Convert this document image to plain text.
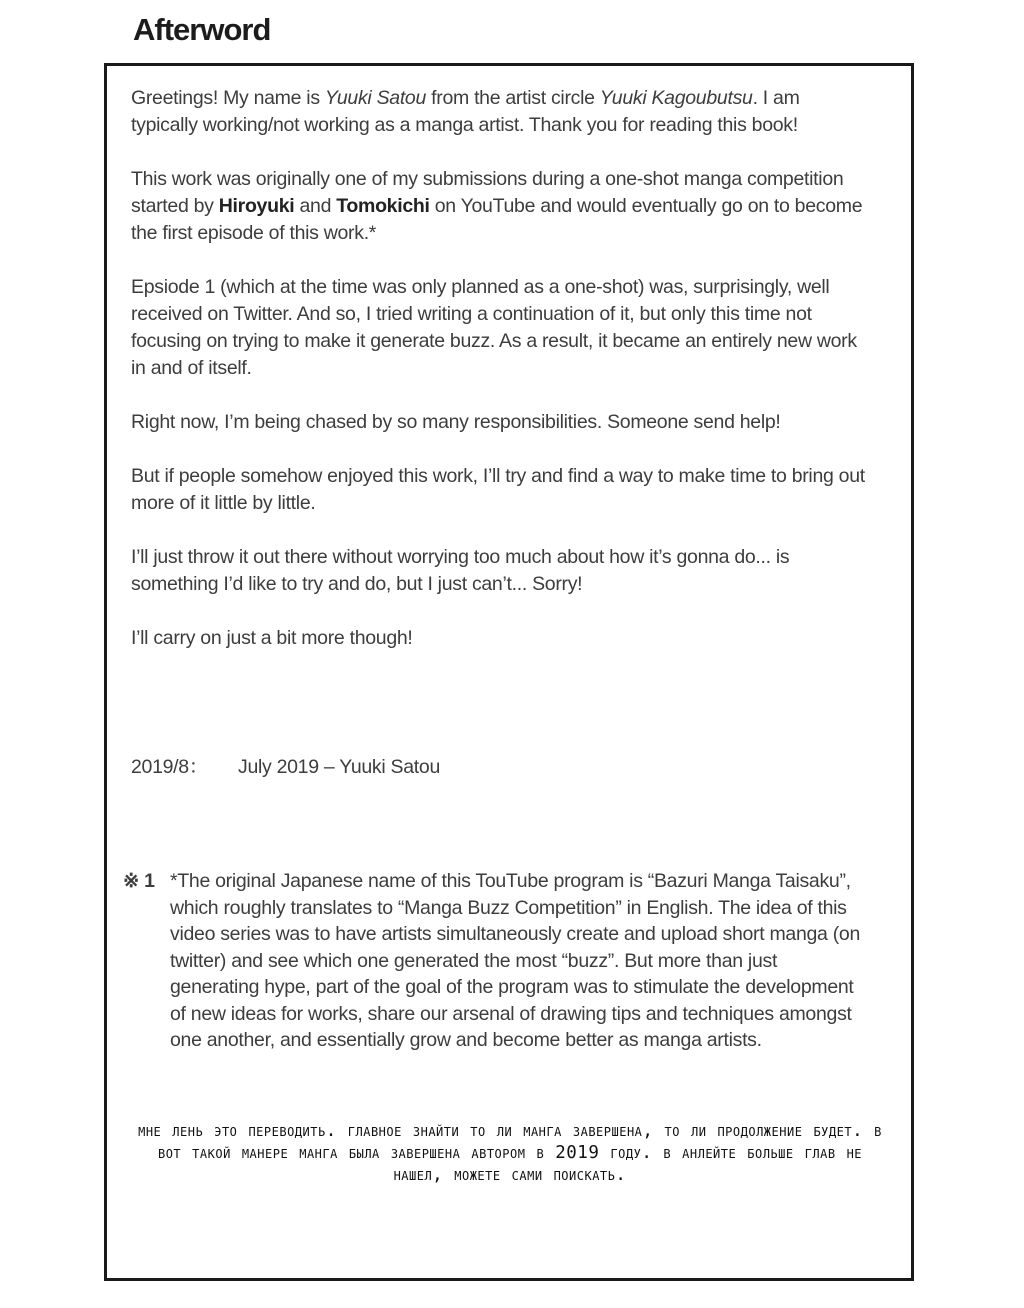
Afterword

Greetings! My name is Yuuki Satou from the artist circle Yuuki Kagoubutsu. I am typically working/not working as a manga artist. Thank you for reading this book!

This work was originally one of my submissions during a one-shot manga competition started by Hiroyuki and Tomokichi on YouTube and would eventually go on to become the first episode of this work.*

Epsiode 1 (which at the time was only planned as a one-shot) was, surprisingly, well received on Twitter. And so, I tried writing a continuation of it, but only this time not focusing on trying to make it generate buzz. As a result, it became an entirely new work in and of itself.

Right now, I’m being chased by so many responsibilities. Someone send help!

But if people somehow enjoyed this work, I’ll try and find a way to make time to bring out more of it little by little.

I’ll just throw it out there without worrying too much about how it’s gonna do... is something I’d like to try and do, but I just can’t... Sorry!

I’ll carry on just a bit more though!

2019/8： July 2019 – Yuuki Satou
※ 1 *The original Japanese name of this TouTube program is “Bazuri Manga Taisaku”, which roughly translates to “Manga Buzz Competition” in English. The idea of this video series was to have artists simultaneously create and upload short manga (on twitter) and see which one generated the most “buzz”. But more than just generating hype, part of the goal of the program was to stimulate the development of new ideas for works, share our arsenal of drawing tips and techniques amongst one another, and essentially grow and become better as manga artists.
мне лень это переводить. главное знайти то ли манга завершена, то ли продолжение будет. в вот такой манере манга была завершена автором в 2019 году. в анлейте больше глав не нашел, можете сами поискать.
